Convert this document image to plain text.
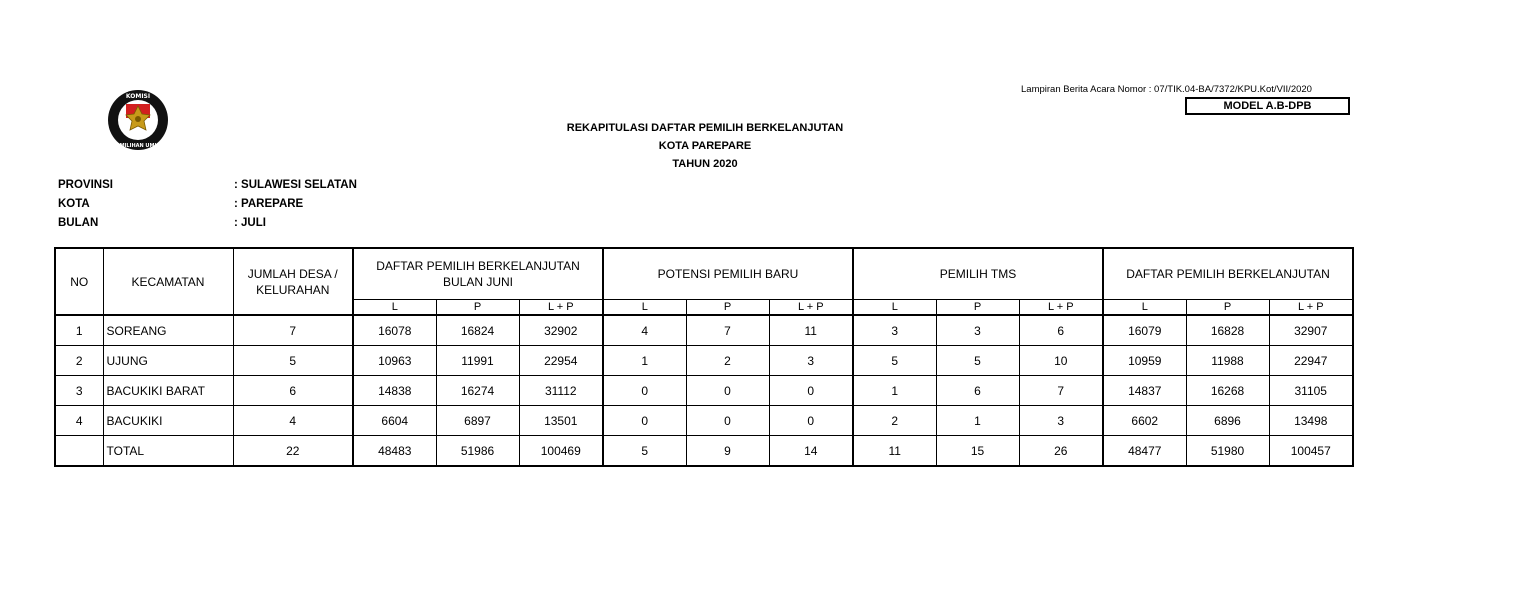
KOMISI
PEMILIHAN UMUM
Lampiran Berita Acara Nomor : 07/TIK.04-BA/7372/KPU.Kot/VII/2020
MODEL A.B-DPB
REKAPITULASI DAFTAR PEMILIH BERKELANJUTAN
KOTA PAREPARE
TAHUN 2020
PROVINSI	: SULAWESI SELATAN
KOTA	: PAREPARE
BULAN	: JULI
NO	KECAMATAN	JUMLAH DESA / KELURAHAN	DAFTAR PEMILIH BERKELANJUTAN BULAN JUNI			POTENSI PEMILIH BARU			PEMILIH TMS			DAFTAR PEMILIH BERKELANJUTAN		
			L	P	L + P	L	P	L + P	L	P	L + P	L	P	L + P
1	SOREANG	7	16078	16824	32902	4	7	11	3	3	6	16079	16828	32907
2	UJUNG	5	10963	11991	22954	1	2	3	5	5	10	10959	11988	22947
3	BACUKIKI BARAT	6	14838	16274	31112	0	0	0	1	6	7	14837	16268	31105
4	BACUKIKI	4	6604	6897	13501	0	0	0	2	1	3	6602	6896	13498
	TOTAL	22	48483	51986	100469	5	9	14	11	15	26	48477	51980	100457
